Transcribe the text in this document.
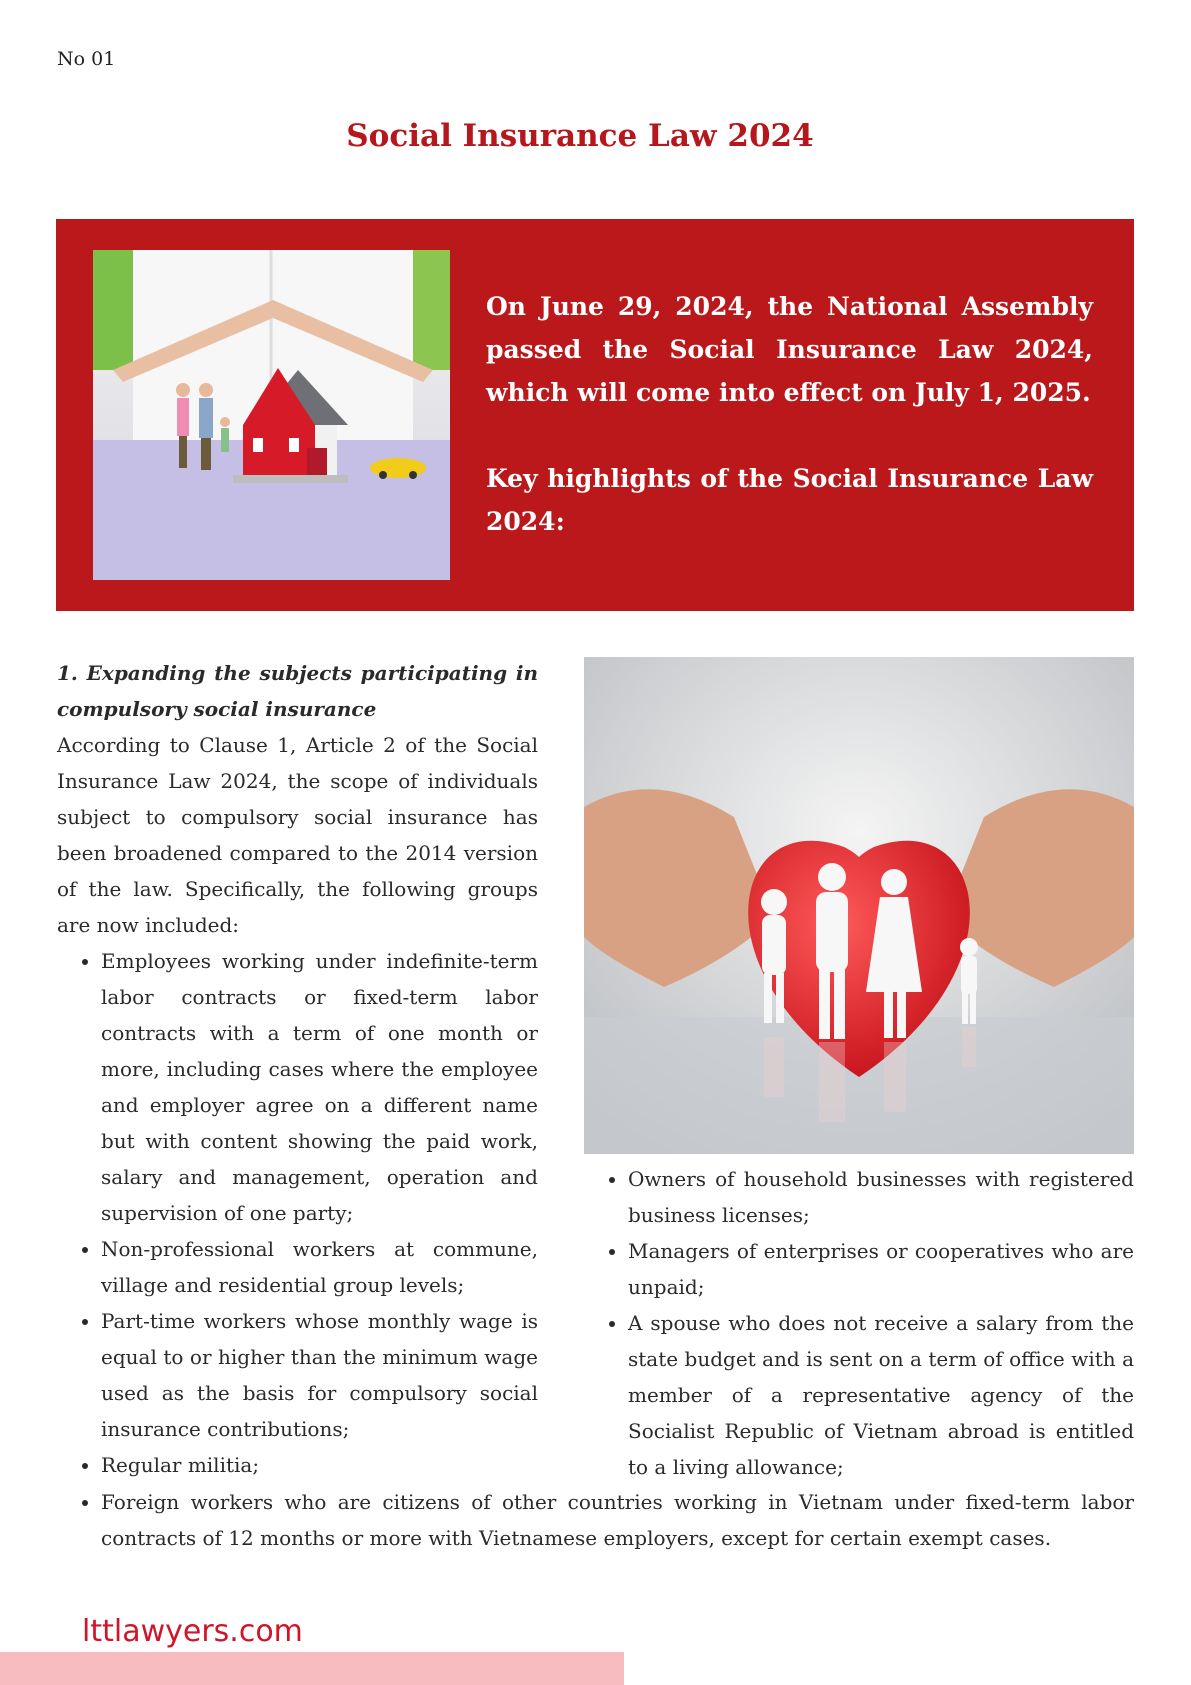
No 01
Social Insurance Law 2024

On June 29, 2024, the National Assembly passed the Social Insurance Law 2024, which will come into effect on July 1, 2025.

Key highlights of the Social Insurance Law 2024:

1. Expanding the subjects participating in compulsory social insurance

According to Clause 1, Article 2 of the Social Insurance Law 2024, the scope of individuals subject to compulsory social insurance has been broadened compared to the 2014 version of the law. Specifically, the following groups are now included:

• Employees working under indefinite-term labor contracts or fixed-term labor contracts with a term of one month or more, including cases where the employee and employer agree on a different name but with content showing the paid work, salary and management, operation and supervision of one party;
• Non-professional workers at commune, village and residential group levels;
• Part-time workers whose monthly wage is equal to or higher than the minimum wage used as the basis for compulsory social insurance contributions;
• Regular militia;
• Owners of household businesses with registered business licenses;
• Managers of enterprises or cooperatives who are unpaid;
• A spouse who does not receive a salary from the state budget and is sent on a term of office with a member of a representative agency of the Socialist Republic of Vietnam abroad is entitled to a living allowance;
• Foreign workers who are citizens of other countries working in Vietnam under fixed-term labor contracts of 12 months or more with Vietnamese employers, except for certain exempt cases.
lttlawyers.com
